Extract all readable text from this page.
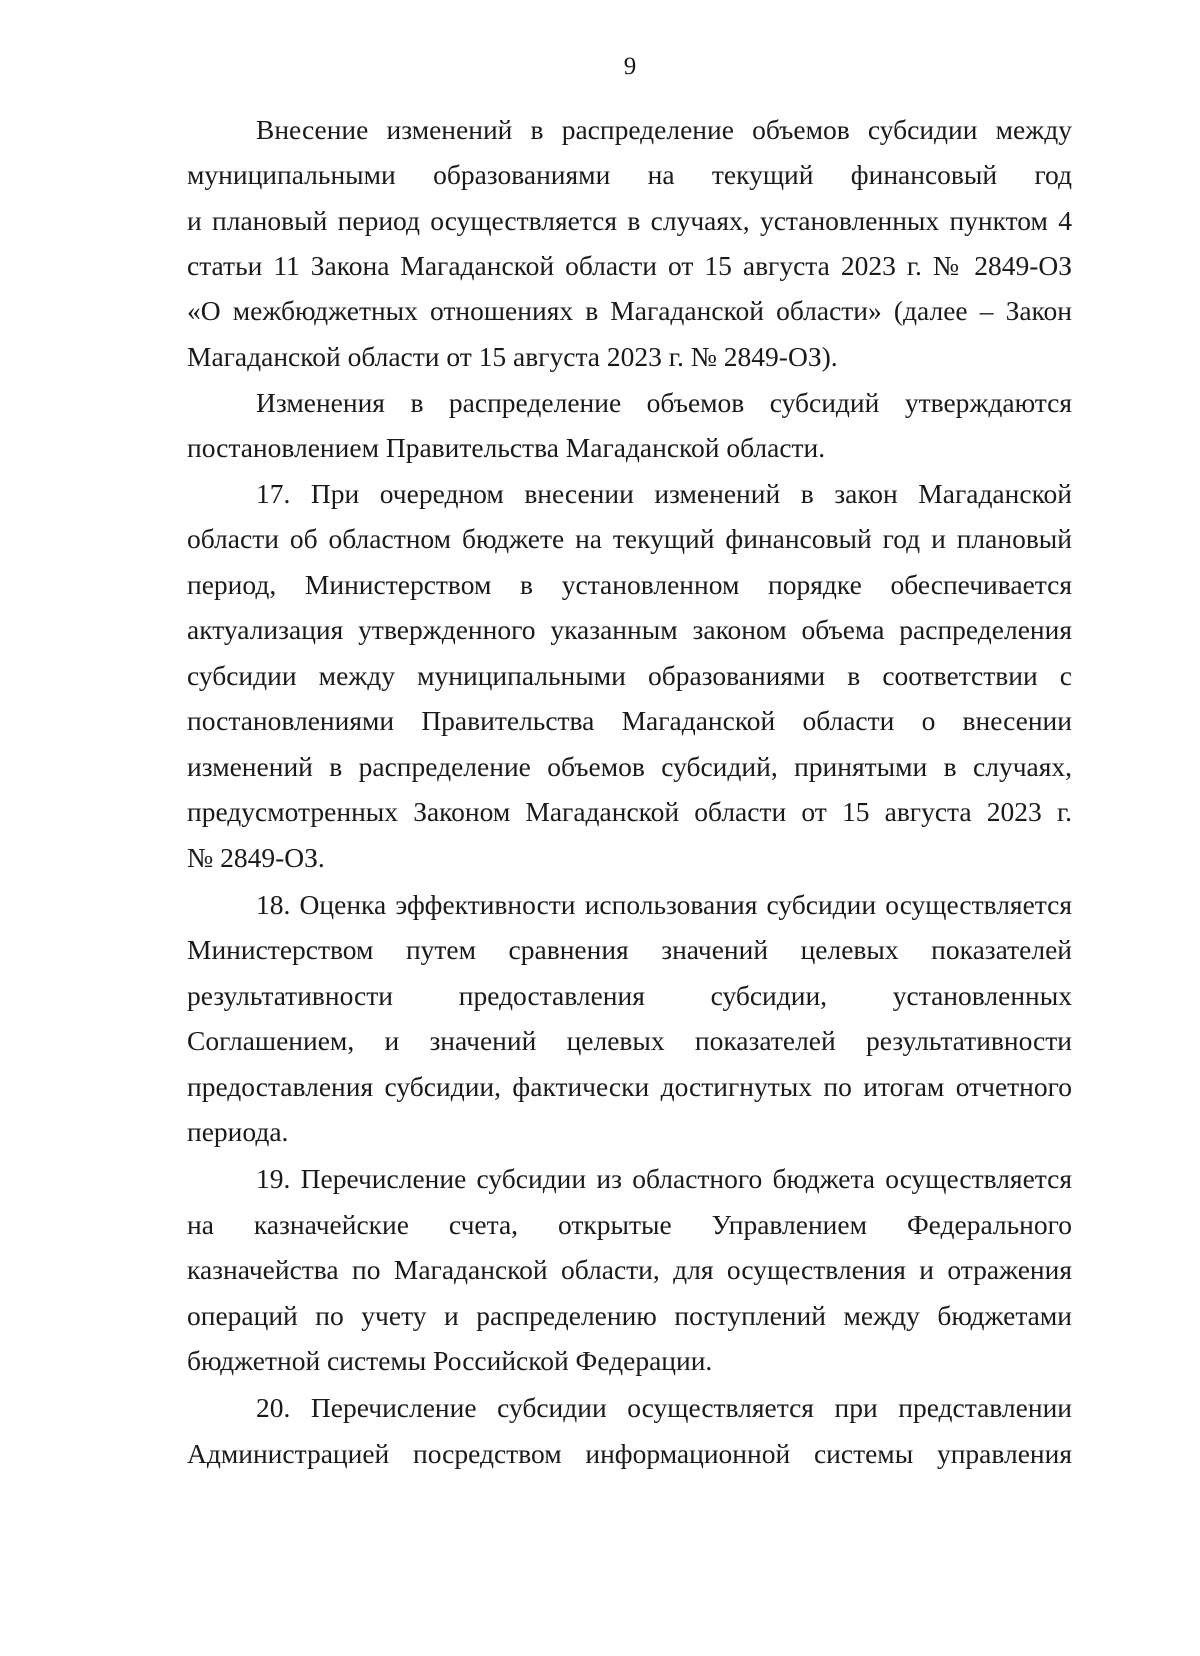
9
Внесение изменений в распределение объемов субсидии между
муниципальными образованиями на текущий финансовый год
и плановый период осуществляется в случаях, установленных пунктом 4
статьи 11 Закона Магаданской области от 15 августа 2023 г. № 2849-ОЗ
«О межбюджетных отношениях в Магаданской области» (далее – Закон
Магаданской области от 15 августа 2023 г. № 2849-ОЗ).
Изменения в распределение объемов субсидий утверждаются
постановлением Правительства Магаданской области.
17. При очередном внесении изменений в закон Магаданской
области об областном бюджете на текущий финансовый год и плановый
период, Министерством в установленном порядке обеспечивается
актуализация утвержденного указанным законом объема распределения
субсидии между муниципальными образованиями в соответствии с
постановлениями Правительства Магаданской области о внесении
изменений в распределение объемов субсидий, принятыми в случаях,
предусмотренных Законом Магаданской области от 15 августа 2023 г.
№ 2849-ОЗ.
18. Оценка эффективности использования субсидии осуществляется
Министерством путем сравнения значений целевых показателей
результативности предоставления субсидии, установленных
Соглашением, и значений целевых показателей результативности
предоставления субсидии, фактически достигнутых по итогам отчетного
периода.
19. Перечисление субсидии из областного бюджета осуществляется
на казначейские счета, открытые Управлением Федерального
казначейства по Магаданской области, для осуществления и отражения
операций по учету и распределению поступлений между бюджетами
бюджетной системы Российской Федерации.
20. Перечисление субсидии осуществляется при представлении
Администрацией посредством информационной системы управления
